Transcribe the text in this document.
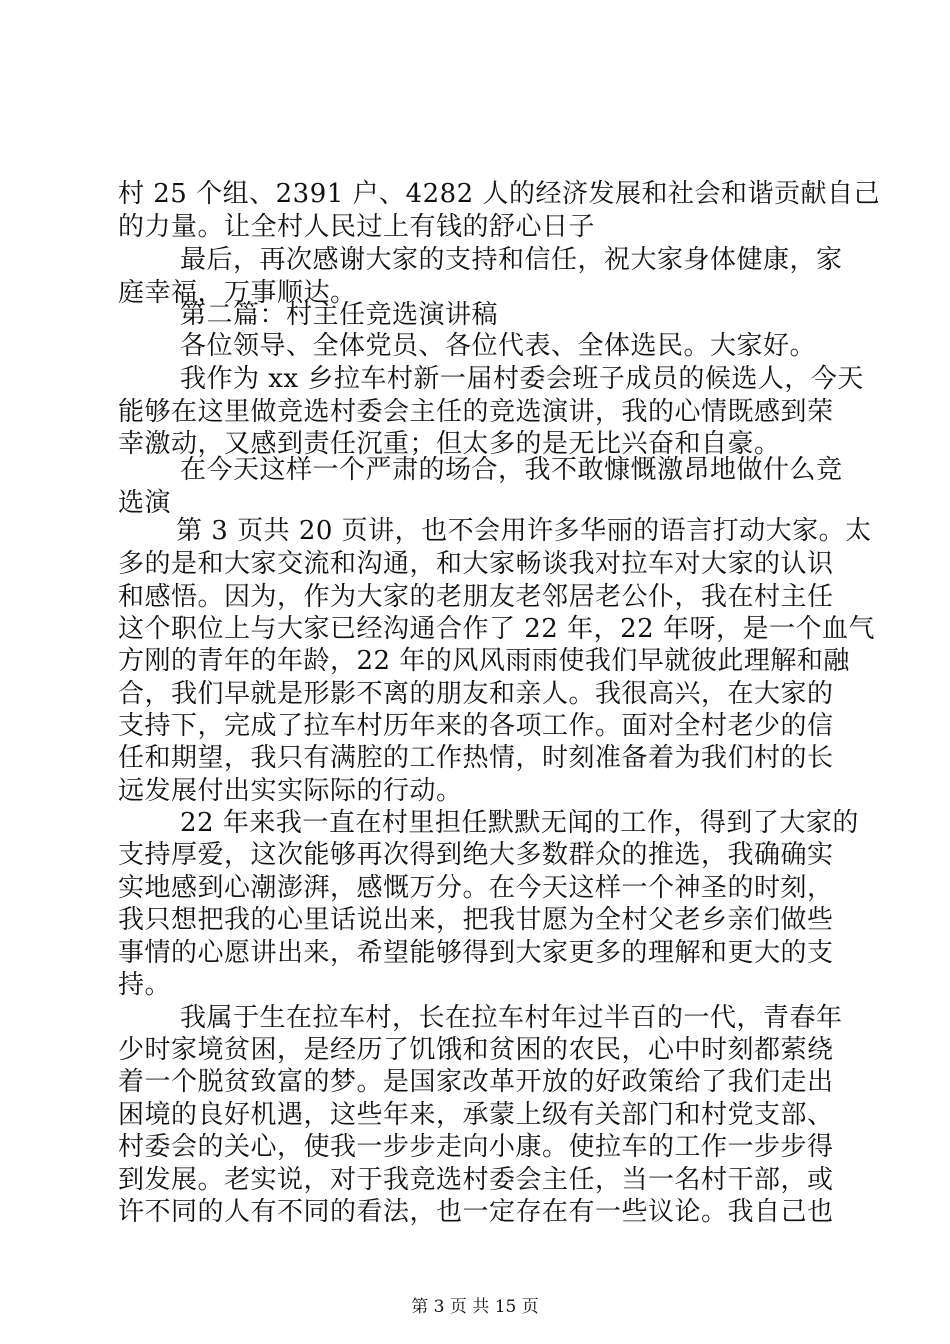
村 25 个组、2391 户、4282 人的经济发展和社会和谐贡献自己
的力量。让全村人民过上有钱的舒心日子
最后，再次感谢大家的支持和信任，祝大家身体健康，家
庭幸福，万事顺达。
第二篇：村主任竞选演讲稿
各位领导、全体党员、各位代表、全体选民。大家好。
我作为 xx 乡拉车村新一届村委会班子成员的候选人，今天
能够在这里做竞选村委会主任的竞选演讲，我的心情既感到荣
幸激动，又感到责任沉重；但太多的是无比兴奋和自豪。
在今天这样一个严肃的场合，我不敢慷慨激昂地做什么竞
选演
第 3 页共 20 页讲，也不会用许多华丽的语言打动大家。太
多的是和大家交流和沟通，和大家畅谈我对拉车对大家的认识
和感悟。因为，作为大家的老朋友老邻居老公仆，我在村主任
这个职位上与大家已经沟通合作了 22 年，22 年呀，是一个血气
方刚的青年的年龄，22 年的风风雨雨使我们早就彼此理解和融
合，我们早就是形影不离的朋友和亲人。我很高兴，在大家的
支持下，完成了拉车村历年来的各项工作。面对全村老少的信
任和期望，我只有满腔的工作热情，时刻准备着为我们村的长
远发展付出实实际际的行动。
22 年来我一直在村里担任默默无闻的工作，得到了大家的
支持厚爱，这次能够再次得到绝大多数群众的推选，我确确实
实地感到心潮澎湃，感慨万分。在今天这样一个神圣的时刻，
我只想把我的心里话说出来，把我甘愿为全村父老乡亲们做些
事情的心愿讲出来，希望能够得到大家更多的理解和更大的支
持。
我属于生在拉车村，长在拉车村年过半百的一代，青春年
少时家境贫困，是经历了饥饿和贫困的农民，心中时刻都萦绕
着一个脱贫致富的梦。是国家改革开放的好政策给了我们走出
困境的良好机遇，这些年来，承蒙上级有关部门和村党支部、
村委会的关心，使我一步步走向小康。使拉车的工作一步步得
到发展。老实说，对于我竞选村委会主任，当一名村干部，或
许不同的人有不同的看法，也一定存在有一些议论。我自己也
第 3 页 共 15 页
